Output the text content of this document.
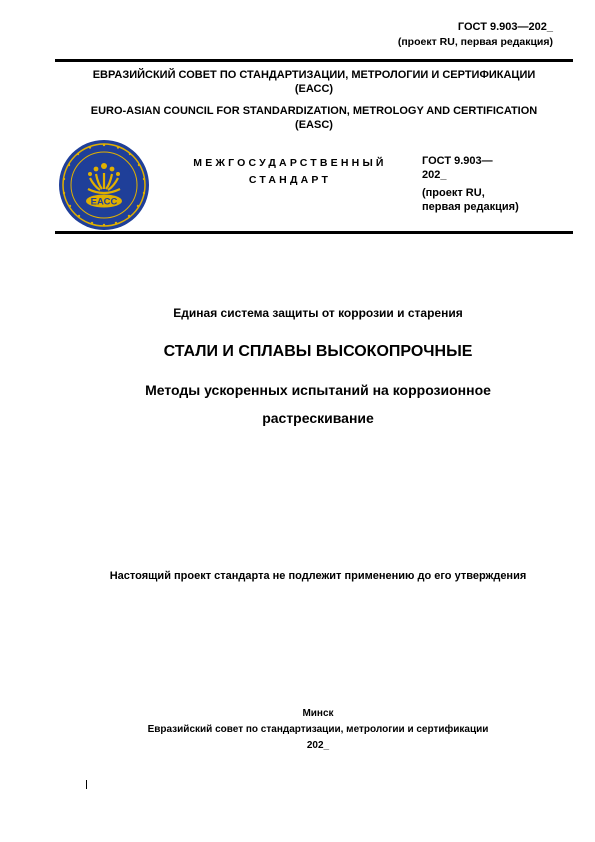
ГОСТ 9.903—202_
(проект RU, первая редакция)
ЕВРАЗИЙСКИЙ СОВЕТ ПО СТАНДАРТИЗАЦИИ, МЕТРОЛОГИИ И СЕРТИФИКАЦИИ
(ЕАСС)
EURO-ASIAN COUNCIL FOR STANDARDIZATION, METROLOGY AND CERTIFICATION
(EASC)
ЕАСС
МЕЖГОСУДАРСТВЕННЫЙ
СТАНДАРТ
ГОСТ 9.903—
202_
(проект RU,
первая редакция)
Единая система защиты от коррозии и старения
СТАЛИ И СПЛАВЫ ВЫСОКОПРОЧНЫЕ
Методы ускоренных испытаний на коррозионное
растрескивание
Настоящий проект стандарта не подлежит применению до его утверждения
Минск
Евразийский совет по стандартизации, метрологии и сертификации
202_
